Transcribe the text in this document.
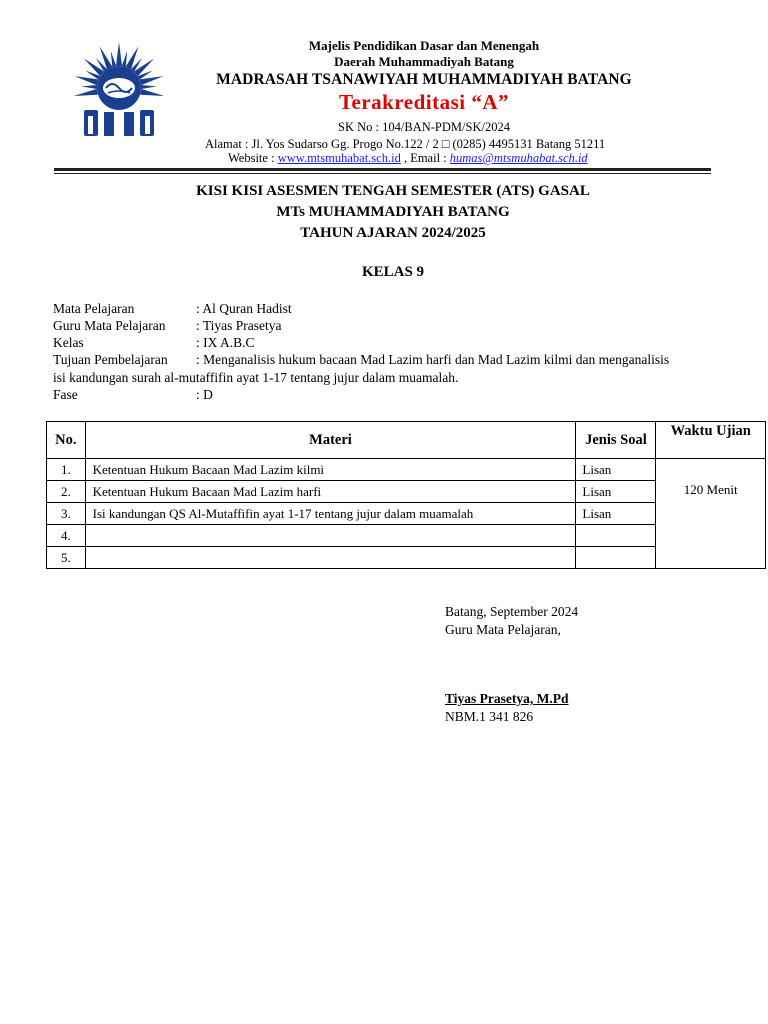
Majelis Pendidikan Dasar dan Menengah
Daerah Muhammadiyah Batang
MADRASAH TSANAWIYAH MUHAMMADIYAH BATANG
Terakreditasi “A”
SK No : 104/BAN-PDM/SK/2024
Alamat : Jl. Yos Sudarso Gg. Progo No.122 / 2 □ (0285) 4495131 Batang 51211
Website : www.mtsmuhabat.sch.id , Email : humas@mtsmuhabat.sch.id
KISI KISI ASESMEN TENGAH SEMESTER (ATS) GASAL
MTs MUHAMMADIYAH BATANG
TAHUN AJARAN 2024/2025
KELAS 9
Mata Pelajaran	: Al Quran Hadist
Guru Mata Pelajaran : Tiyas Prasetya
Kelas	: IX A.B.C
Tujuan Pembelajaran : Menganalisis hukum bacaan Mad Lazim harfi dan Mad Lazim kilmi dan menganalisis
isi kandungan surah al-mutaffifin ayat 1-17 tentang jujur dalam muamalah.
Fase	: D
No.	Materi	Jenis Soal	Waktu Ujian
1.	Ketentuan Hukum Bacaan Mad Lazim kilmi	Lisan	120 Menit

2.	Ketentuan Hukum Bacaan Mad Lazim harfi	Lisan	
3.	Isi kandungan QS Al-Mutaffifin ayat 1-17 tentang jujur dalam muamalah	Lisan	
4.			
5.			
Batang, September 2024
Guru Mata Pelajaran,
Tiyas Prasetya, M.Pd
NBM.1 341 826
